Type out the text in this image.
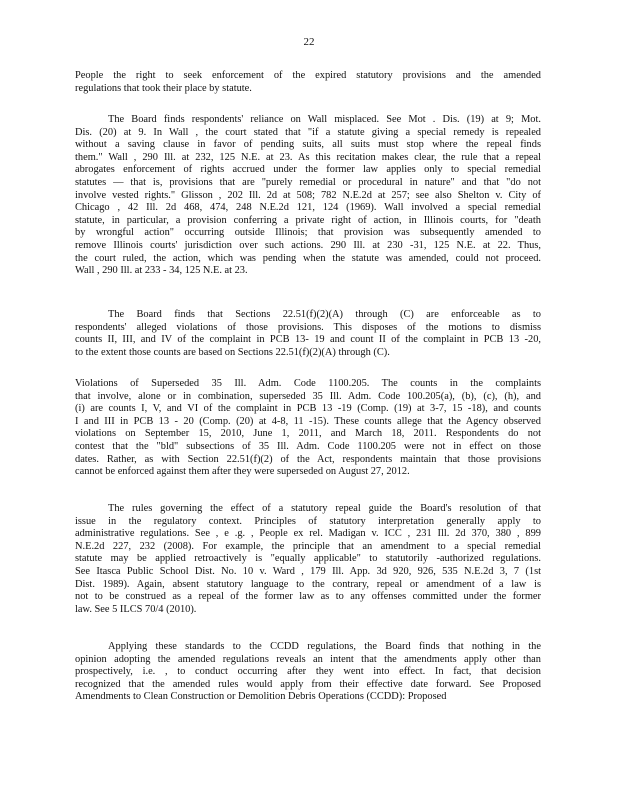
22
People the right to seek enforcement of the expired statutory provisions and the amended
regulations that took their place by statute.
The Board finds respondents' reliance on Wall misplaced. See Mot . Dis. (19) at 9; Mot.
Dis. (20) at 9. In Wall , the court stated that "if a statute giving a special remedy is repealed
without a saving clause in favor of pending suits, all suits must stop where the repeal finds
them." Wall , 290 Ill. at 232, 125 N.E. at 23. As this recitation makes clear, the rule that a repeal
abrogates enforcement of rights accrued under the former law applies only to special remedial
statutes — that is, provisions that are "purely remedial or procedural in nature" and that "do not
involve vested rights." Glisson , 202 Ill. 2d at 508; 782 N.E.2d at 257; see also Shelton v. City of
Chicago , 42 Ill. 2d 468, 474, 248 N.E.2d 121, 124 (1969). Wall involved a special remedial
statute, in particular, a provision conferring a private right of action, in Illinois courts, for "death
by wrongful action" occurring outside Illinois; that provision was subsequently amended to
remove Illinois courts' jurisdiction over such actions. 290 Ill. at 230 -31, 125 N.E. at 22. Thus,
the court ruled, the action, which was pending when the statute was amended, could not proceed.
Wall , 290 Ill. at 233 - 34, 125 N.E. at 23.
The Board finds that Sections 22.51(f)(2)(A) through (C) are enforceable as to
respondents' alleged violations of those provisions. This disposes of the motions to dismiss
counts II, III, and IV of the complaint in PCB 13- 19 and count II of the complaint in PCB 13 -20,
to the extent those counts are based on Sections 22.51(f)(2)(A) through (C).
Violations of Superseded 35 Ill. Adm. Code 1100.205. The counts in the complaints
that involve, alone or in combination, superseded 35 Ill. Adm. Code 100.205(a), (b), (c), (h), and
(i) are counts I, V, and VI of the complaint in PCB 13 -19 (Comp. (19) at 3-7, 15 -18), and counts
I and III in PCB 13 - 20 (Comp. (20) at 4-8, 11 -15). These counts allege that the Agency observed
violations on September 15, 2010, June 1, 2011, and March 18, 2011. Respondents do not
contest that the "bld" subsections of 35 Ill. Adm. Code 1100.205 were not in effect on those
dates. Rather, as with Section 22.51(f)(2) of the Act, respondents maintain that those provisions
cannot be enforced against them after they were superseded on August 27, 2012.
The rules governing the effect of a statutory repeal guide the Board's resolution of that
issue in the regulatory context. Principles of statutory interpretation generally apply to
administrative regulations. See , e .g. , People ex rel. Madigan v. ICC , 231 Ill. 2d 370, 380 , 899
N.E.2d 227, 232 (2008). For example, the principle that an amendment to a special remedial
statute may be applied retroactively is "equally applicable" to statutorily -authorized regulations.
See Itasca Public School Dist. No. 10 v. Ward , 179 Ill. App. 3d 920, 926, 535 N.E.2d 3, 7 (1st
Dist. 1989). Again, absent statutory language to the contrary, repeal or amendment of a law is
not to be construed as a repeal of the former law as to any offenses committed under the former
law. See 5 ILCS 70/4 (2010).
Applying these standards to the CCDD regulations, the Board finds that nothing in the
opinion adopting the amended regulations reveals an intent that the amendments apply other than
prospectively, i.e. , to conduct occurring after they went into effect. In fact, that decision
recognized that the amended rules would apply from their effective date forward. See Proposed
Amendments to Clean Construction or Demolition Debris Operations (CCDD): Proposed
